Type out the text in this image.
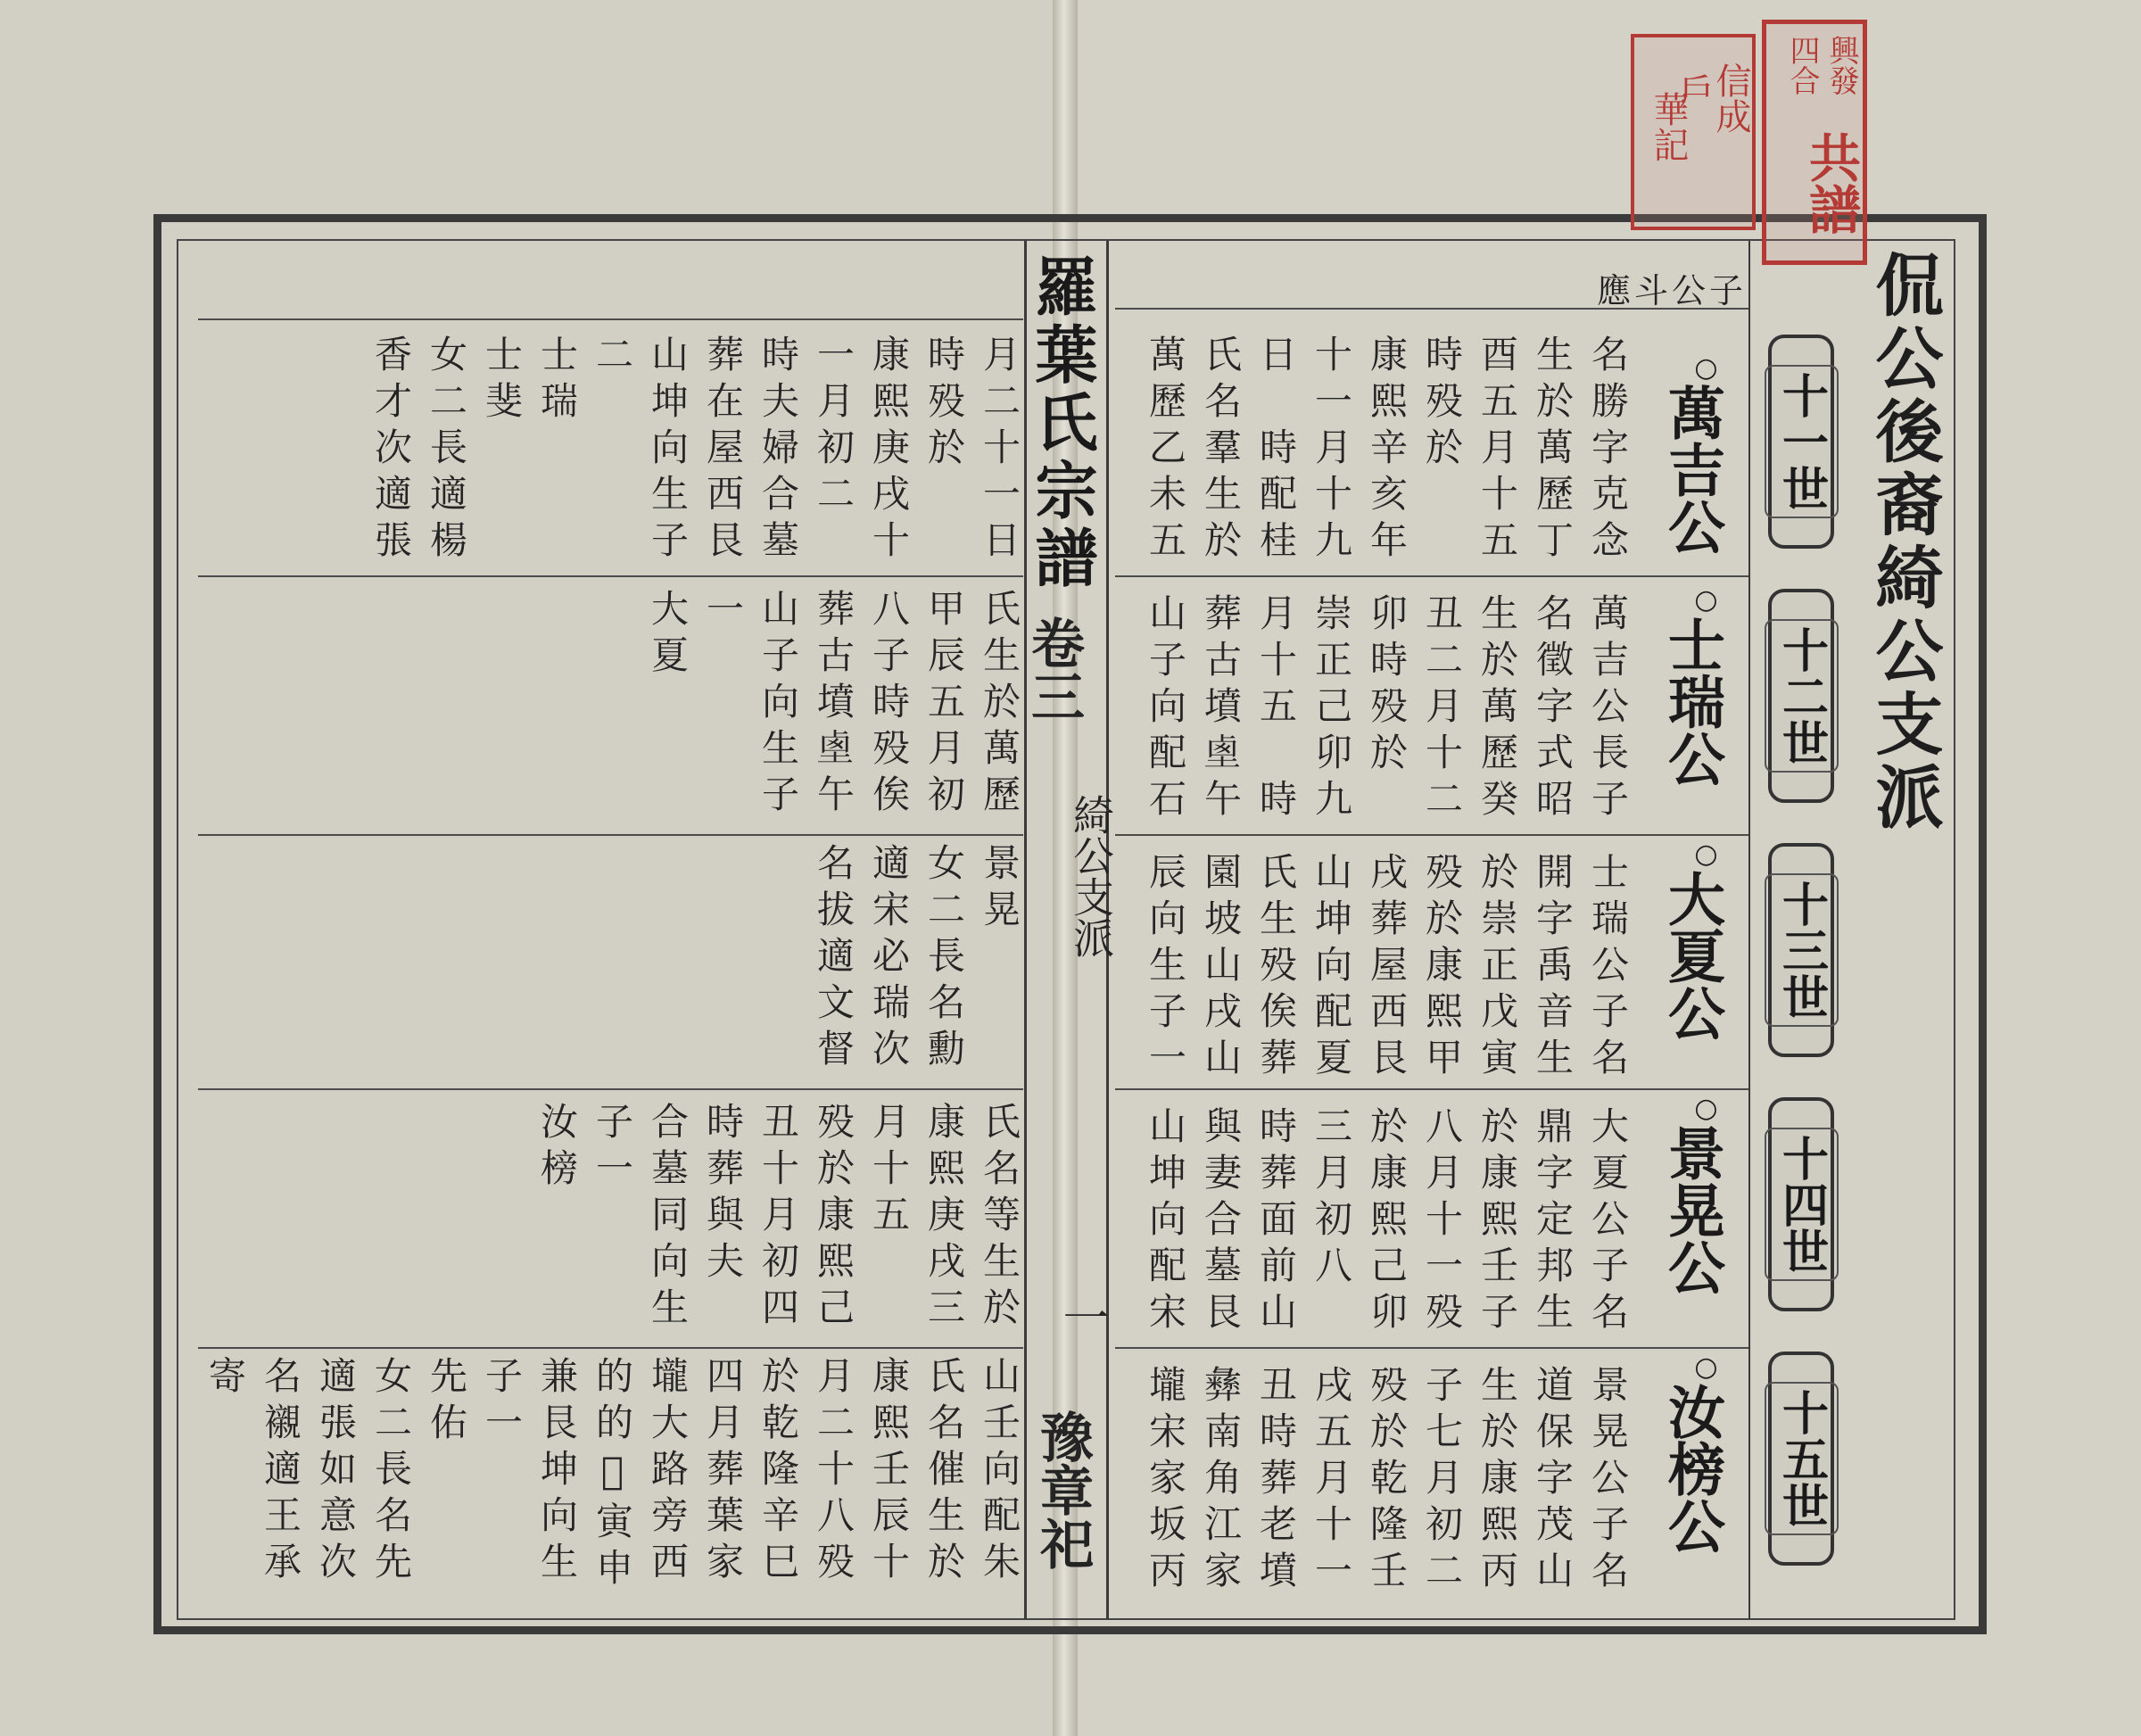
侃公後裔綺公支派
羅葉氏宗譜
卷三
綺公支派
一
豫章祀
應斗公子
十一世
十二世
十三世
十四世
十五世
○萬吉公
○士瑞公
○大夏公
○景晃公
○汝榜公
名勝字克念
生於萬歷丁
酉五月十五
時殁於
康熙辛亥年
十一月十九
日　時配桂
氏名羣生於
萬歷乙未五
萬吉公長子
名徵字式昭
生於萬歷癸
丑二月十二
卯時殁於
崇正己卯九
月十五　時
葬古墳𡍏午
山子向配石
士瑞公子名
開字禹音生
於崇正戊寅
殁於康熙甲
戌葬屋西艮
山坤向配夏
氏生殁俟葬
園坡山戌山
辰向生子一
大夏公子名
鼎字定邦生
於康熙壬子
八月十一殁
於康熙己卯
三月初八
時葬面前山
與妻合墓艮
山坤向配宋
景晃公子名
道保字茂山
生於康熙丙
子七月初二
殁於乾隆壬
戌五月十一
丑時葬老墳
彝南角江家
壠宋家坂丙
月二十一日
時殁於
康熙庚戌十
一月初二
時夫婦合墓
葬在屋西艮
山坤向生子
二
士瑞
士斐
女二長適楊
香才次適張
氏生於萬歷
甲辰五月初
八子時殁俟
葬古墳𡍏午
山子向生子
一
大夏
景晃
女二長名勳
適宋必瑞次
名拔適文督
氏名等生於
康熙庚戌三
月十五
殁於康熙己
丑十月初四
時葬與夫
合墓同向生
子一
汝榜
山壬向配朱
氏名催生於
康熙壬辰十
月二十八殁
於乾隆辛巳
四月葬葉家
壠大路旁西
的的𥒧寅申
兼艮坤向生
子一
先佑
女二長名先
適張如意次
名襯適王承
寄
興發
四合
共譜
信成
戶
華記
